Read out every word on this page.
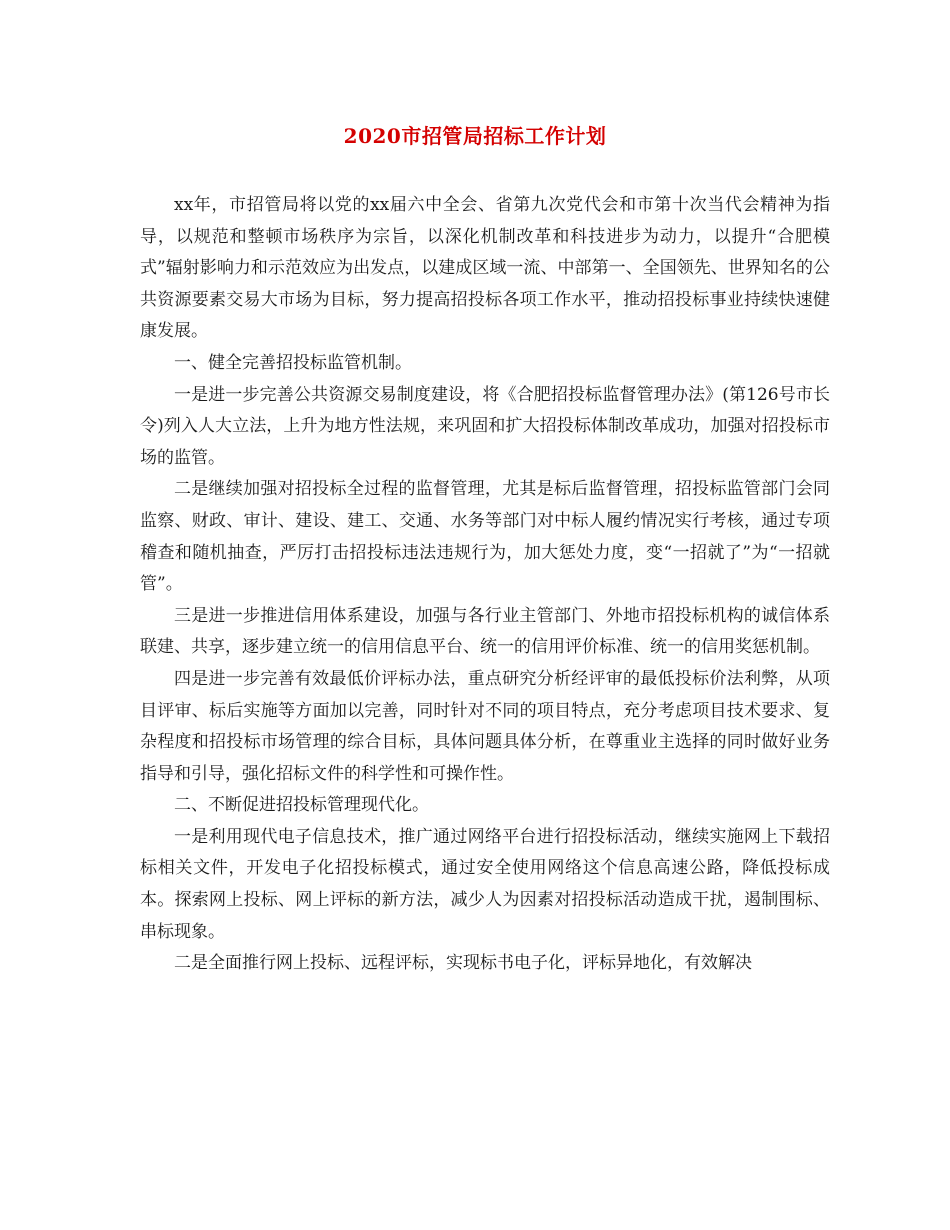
2020市招管局招标工作计划

xx年，市招管局将以党的xx届六中全会、省第九次党代会和市第十次当代会精神为指导，以规范和整顿市场秩序为宗旨，以深化机制改革和科技进步为动力，以提升“合肥模式”辐射影响力和示范效应为出发点，以建成区域一流、中部第一、全国领先、世界知名的公共资源要素交易大市场为目标，努力提高招投标各项工作水平，推动招投标事业持续快速健康发展。

一、健全完善招投标监管机制。

一是进一步完善公共资源交易制度建设，将《合肥招投标监督管理办法》(第126号市长令)列入人大立法，上升为地方性法规，来巩固和扩大招投标体制改革成功，加强对招投标市场的监管。

二是继续加强对招投标全过程的监督管理，尤其是标后监督管理，招投标监管部门会同监察、财政、审计、建设、建工、交通、水务等部门对中标人履约情况实行考核，通过专项稽查和随机抽查，严厉打击招投标违法违规行为，加大惩处力度，变“一招就了”为“一招就管”。

三是进一步推进信用体系建设，加强与各行业主管部门、外地市招投标机构的诚信体系联建、共享，逐步建立统一的信用信息平台、统一的信用评价标准、统一的信用奖惩机制。

四是进一步完善有效最低价评标办法，重点研究分析经评审的最低投标价法利弊，从项目评审、标后实施等方面加以完善，同时针对不同的项目特点，充分考虑项目技术要求、复杂程度和招投标市场管理的综合目标，具体问题具体分析，在尊重业主选择的同时做好业务指导和引导，强化招标文件的科学性和可操作性。

二、不断促进招投标管理现代化。

一是利用现代电子信息技术，推广通过网络平台进行招投标活动，继续实施网上下载招标相关文件，开发电子化招投标模式，通过安全使用网络这个信息高速公路，降低投标成本。探索网上投标、网上评标的新方法，减少人为因素对招投标活动造成干扰，遏制围标、串标现象。

二是全面推行网上投标、远程评标，实现标书电子化，评标异地化，有效解决
